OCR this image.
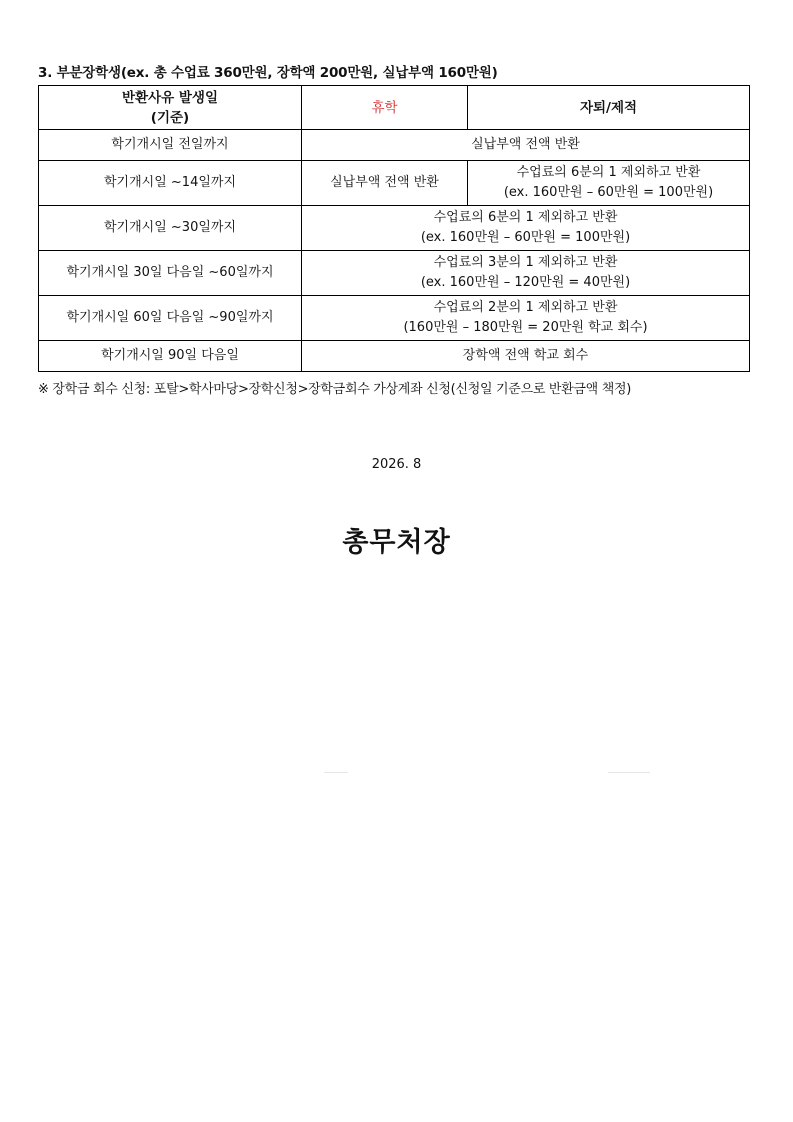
3. 부분장학생(ex. 총 수업료 360만원, 장학액 200만원, 실납부액 160만원)
반환사유 발생일
(기준)	휴학	자퇴/제적
학기개시일 전일까지	실납부액 전액 반환	
학기개시일 ~14일까지	실납부액 전액 반환	수업료의 6분의 1 제외하고 반환
(ex. 160만원 – 60만원 = 100만원)

학기개시일 ~30일까지	수업료의 6분의 1 제외하고 반환
(ex. 160만원 – 60만원 = 100만원)	

학기개시일 30일 다음일 ~60일까지	수업료의 3분의 1 제외하고 반환
(ex. 160만원 – 120만원 = 40만원)	

학기개시일 60일 다음일 ~90일까지	수업료의 2분의 1 제외하고 반환
(160만원 – 180만원 = 20만원 학교 회수)	

학기개시일 90일 다음일	장학액 전액 학교 회수	
※ 장학금 회수 신청: 포탈>학사마당>장학신청>장학금회수 가상계좌 신청(신청일 기준으로 반환금액 책정)
2026. 8
총무처장
